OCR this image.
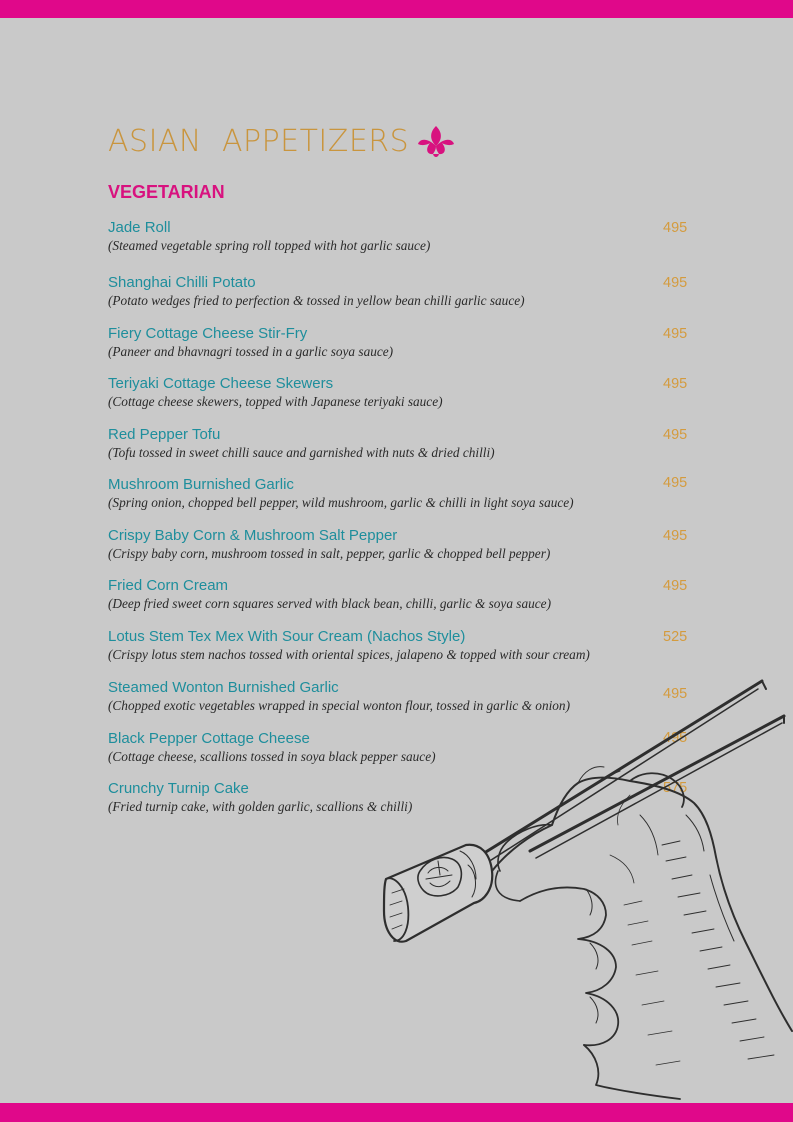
ASIAN  APPETIZERS
VEGETARIAN
Jade Roll
(Steamed vegetable spring roll topped with hot garlic sauce)
495
Shanghai Chilli Potato
(Potato wedges fried to perfection & tossed in yellow bean chilli garlic sauce)
495
Fiery Cottage Cheese Stir-Fry
(Paneer and bhavnagri tossed in a garlic soya sauce)
495
Teriyaki Cottage Cheese Skewers
(Cottage cheese skewers, topped with Japanese teriyaki sauce)
495
Red Pepper Tofu
(Tofu tossed in sweet chilli sauce and garnished with nuts & dried chilli)
495
Mushroom Burnished Garlic
(Spring onion, chopped bell pepper, wild mushroom, garlic & chilli in light soya sauce)
495
Crispy Baby Corn & Mushroom Salt Pepper
(Crispy baby corn, mushroom tossed in salt, pepper, garlic & chopped bell pepper)
495
Fried Corn Cream
(Deep fried sweet corn squares served with black bean, chilli, garlic & soya sauce)
495
Lotus Stem Tex Mex With Sour Cream (Nachos Style)
(Crispy lotus stem nachos tossed with oriental spices, jalapeno & topped with sour cream)
525
Steamed Wonton Burnished Garlic
(Chopped exotic vegetables wrapped in special wonton flour, tossed in garlic & onion)
495
Black Pepper Cottage Cheese
(Cottage cheese, scallions tossed in soya black pepper sauce)
495
Crunchy Turnip Cake
(Fried turnip cake, with golden garlic, scallions & chilli)
575
